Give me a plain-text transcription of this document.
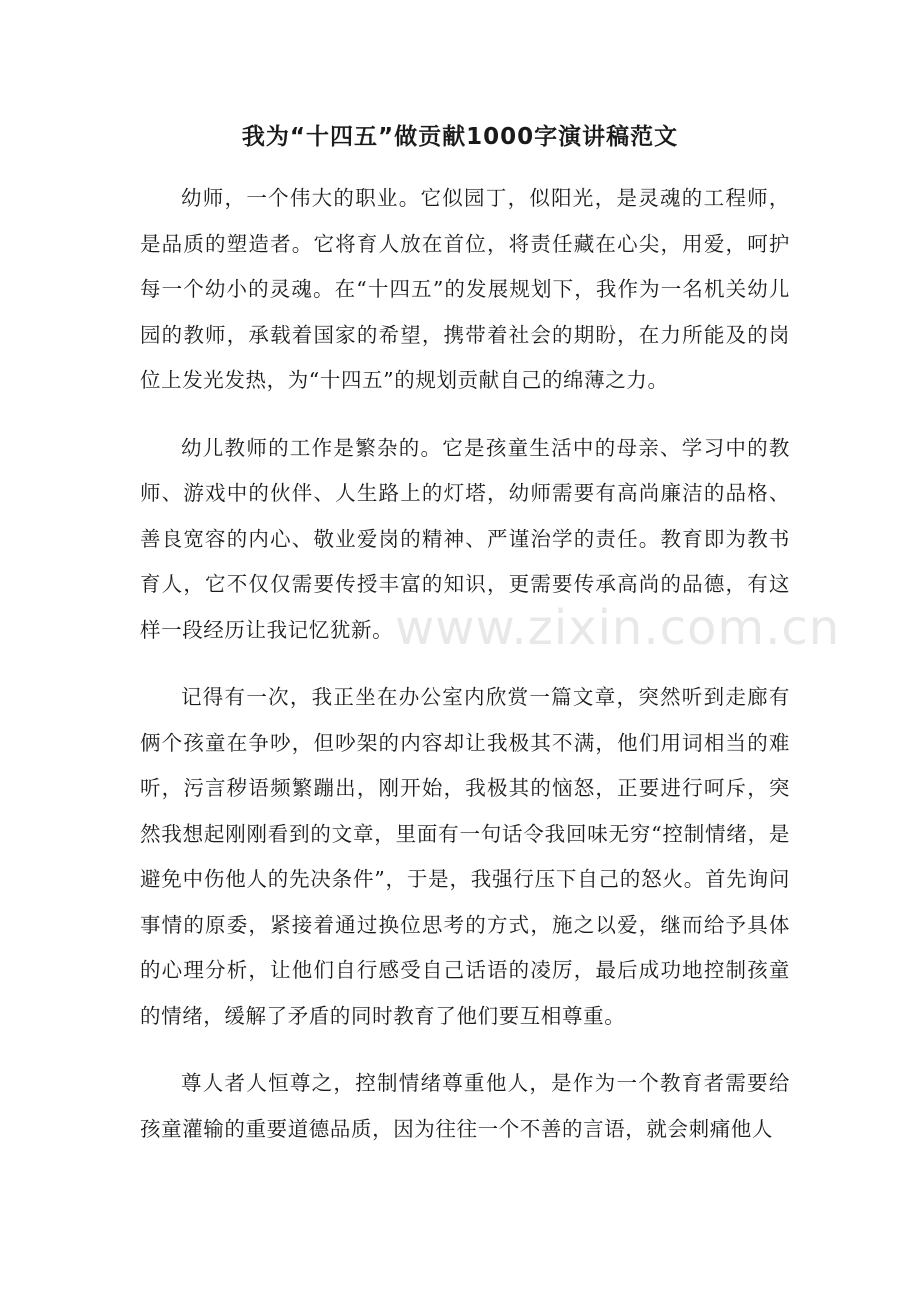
我为“十四五”做贡献1000字演讲稿范文

幼师，一个伟大的职业。它似园丁，似阳光，是灵魂的工程师，是品质的塑造者。它将育人放在首位，将责任藏在心尖，用爱，呵护每一个幼小的灵魂。在“十四五”的发展规划下，我作为一名机关幼儿园的教师，承载着国家的希望，携带着社会的期盼，在力所能及的岗位上发光发热，为“十四五”的规划贡献自己的绵薄之力。

幼儿教师的工作是繁杂的。它是孩童生活中的母亲、学习中的教师、游戏中的伙伴、人生路上的灯塔，幼师需要有高尚廉洁的品格、善良宽容的内心、敬业爱岗的精神、严谨治学的责任。教育即为教书育人，它不仅仅需要传授丰富的知识，更需要传承高尚的品德，有这样一段经历让我记忆犹新。

记得有一次，我正坐在办公室内欣赏一篇文章，突然听到走廊有俩个孩童在争吵，但吵架的内容却让我极其不满，他们用词相当的难听，污言秽语频繁蹦出，刚开始，我极其的恼怒，正要进行呵斥，突然我想起刚刚看到的文章，里面有一句话令我回味无穷“控制情绪，是避免中伤他人的先决条件”，于是，我强行压下自己的怒火。首先询问事情的原委，紧接着通过换位思考的方式，施之以爱，继而给予具体的心理分析，让他们自行感受自己话语的凌厉，最后成功地控制孩童的情绪，缓解了矛盾的同时教育了他们要互相尊重。

尊人者人恒尊之，控制情绪尊重他人，是作为一个教育者需要给孩童灌输的重要道德品质，因为往往一个不善的言语，就会刺痛他人

www.zixin.com.cn
